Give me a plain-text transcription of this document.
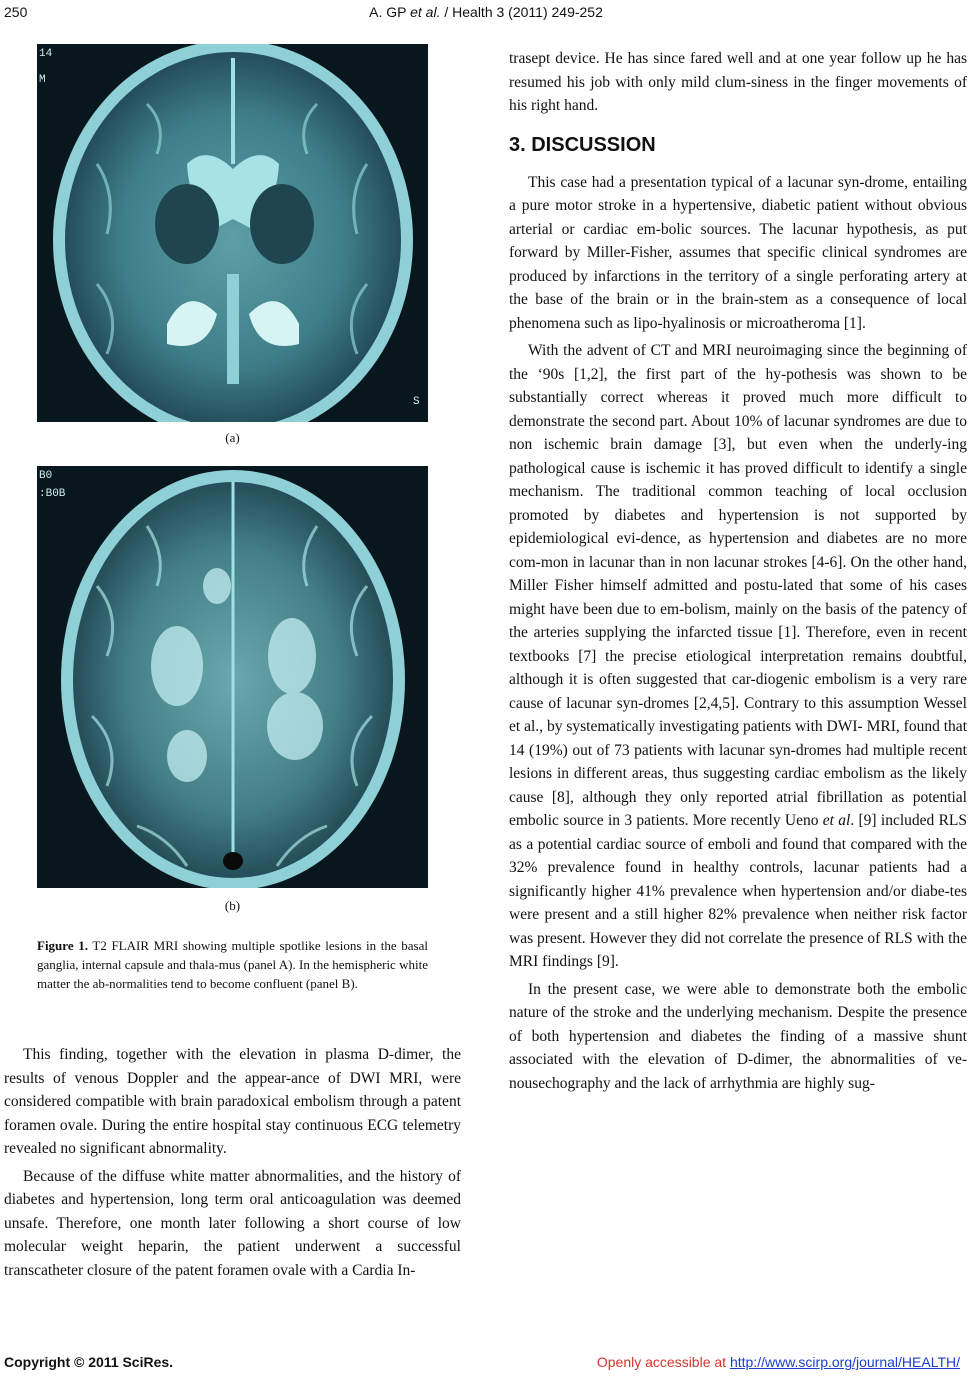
250	A. GP et al. / Health 3 (2011) 249-252
14
M
S
(a)
B0
:B0B
(b)
Figure 1. T2 FLAIR MRI showing multiple spotlike lesions in the basal ganglia, internal capsule and thala-mus (panel A). In the hemispheric white matter the ab-normalities tend to become confluent (panel B).

This finding, together with the elevation in plasma D-dimer, the results of venous Doppler and the appear-ance of DWI MRI, were considered compatible with brain paradoxical embolism through a patent foramen ovale. During the entire hospital stay continuous ECG telemetry revealed no significant abnormality.

Because of the diffuse white matter abnormalities, and the history of diabetes and hypertension, long term oral anticoagulation was deemed unsafe. Therefore, one month later following a short course of low molecular weight heparin, the patient underwent a successful transcatheter closure of the patent foramen ovale with a Cardia In-

trasept device. He has since fared well and at one year follow up he has resumed his job with only mild clum-siness in the finger movements of his right hand.

3. DISCUSSION

This case had a presentation typical of a lacunar syn-drome, entailing a pure motor stroke in a hypertensive, diabetic patient without obvious arterial or cardiac em-bolic sources. The lacunar hypothesis, as put forward by Miller-Fisher, assumes that specific clinical syndromes are produced by infarctions in the territory of a single perforating artery at the base of the brain or in the brain-stem as a consequence of local phenomena such as lipo-hyalinosis or microatheroma [1].

With the advent of CT and MRI neuroimaging since the beginning of the ‘90s [1,2], the first part of the hy-pothesis was shown to be substantially correct whereas it proved much more difficult to demonstrate the second part. About 10% of lacunar syndromes are due to non ischemic brain damage [3], but even when the underly-ing pathological cause is ischemic it has proved difficult to identify a single mechanism. The traditional common teaching of local occlusion promoted by diabetes and hypertension is not supported by epidemiological evi-dence, as hypertension and diabetes are no more com-mon in lacunar than in non lacunar strokes [4-6]. On the other hand, Miller Fisher himself admitted and postu-lated that some of his cases might have been due to em-bolism, mainly on the basis of the patency of the arteries supplying the infarcted tissue [1]. Therefore, even in recent textbooks [7] the precise etiological interpretation remains doubtful, although it is often suggested that car-diogenic embolism is a very rare cause of lacunar syn-dromes [2,4,5]. Contrary to this assumption Wessel et al., by systematically investigating patients with DWI- MRI, found that 14 (19%) out of 73 patients with lacunar syn-dromes had multiple recent lesions in different areas, thus suggesting cardiac embolism as the likely cause [8], although they only reported atrial fibrillation as potential embolic source in 3 patients. More recently Ueno et al. [9] included RLS as a potential cardiac source of emboli and found that compared with the 32% prevalence found in healthy controls, lacunar patients had a significantly higher 41% prevalence when hypertension and/or diabe-tes were present and a still higher 82% prevalence when neither risk factor was present. However they did not correlate the presence of RLS with the MRI findings [9].

In the present case, we were able to demonstrate both the embolic nature of the stroke and the underlying mechanism. Despite the presence of both hypertension and diabetes the finding of a massive shunt associated with the elevation of D-dimer, the abnormalities of ve-nousechography and the lack of arrhythmia are highly sug-

Copyright © 2011 SciRes.	Openly accessible at http://www.scirp.org/journal/HEALTH/
